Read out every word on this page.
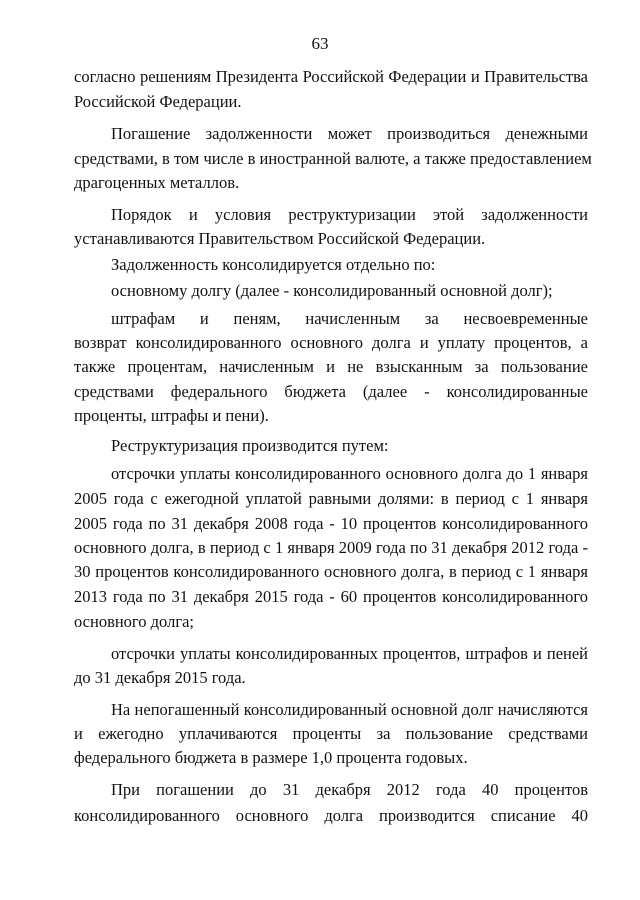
63
согласно решениям Президента Российской Федерации и Правительства
Российской Федерации.
Погашение задолженности может производиться денежными
средствами, в том числе в иностранной валюте, а также предоставлением
драгоценных металлов.
Порядок и условия реструктуризации этой задолженности
устанавливаются Правительством Российской Федерации.
Задолженность консолидируется отдельно по:
основному долгу (далее - консолидированный основной долг);
штрафам и пеням, начисленным за несвоевременные
возврат консолидированного основного долга и уплату процентов, а
также процентам, начисленным и не взысканным за пользование
средствами федерального бюджета (далее - консолидированные
проценты, штрафы и пени).
Реструктуризация производится путем:
отсрочки уплаты консолидированного основного долга до 1 января
2005 года с ежегодной уплатой равными долями: в период с 1 января
2005 года по 31 декабря 2008 года - 10 процентов консолидированного
основного долга, в период с 1 января 2009 года по 31 декабря 2012 года -
30 процентов консолидированного основного долга, в период с 1 января
2013 года по 31 декабря 2015 года - 60 процентов консолидированного
основного долга;
отсрочки уплаты консолидированных процентов, штрафов и пеней
до 31 декабря 2015 года.
На непогашенный консолидированный основной долг начисляются
и ежегодно уплачиваются проценты за пользование средствами
федерального бюджета в размере 1,0 процента годовых.
При погашении до 31 декабря 2012 года 40 процентов
консолидированного основного долга производится списание 40
